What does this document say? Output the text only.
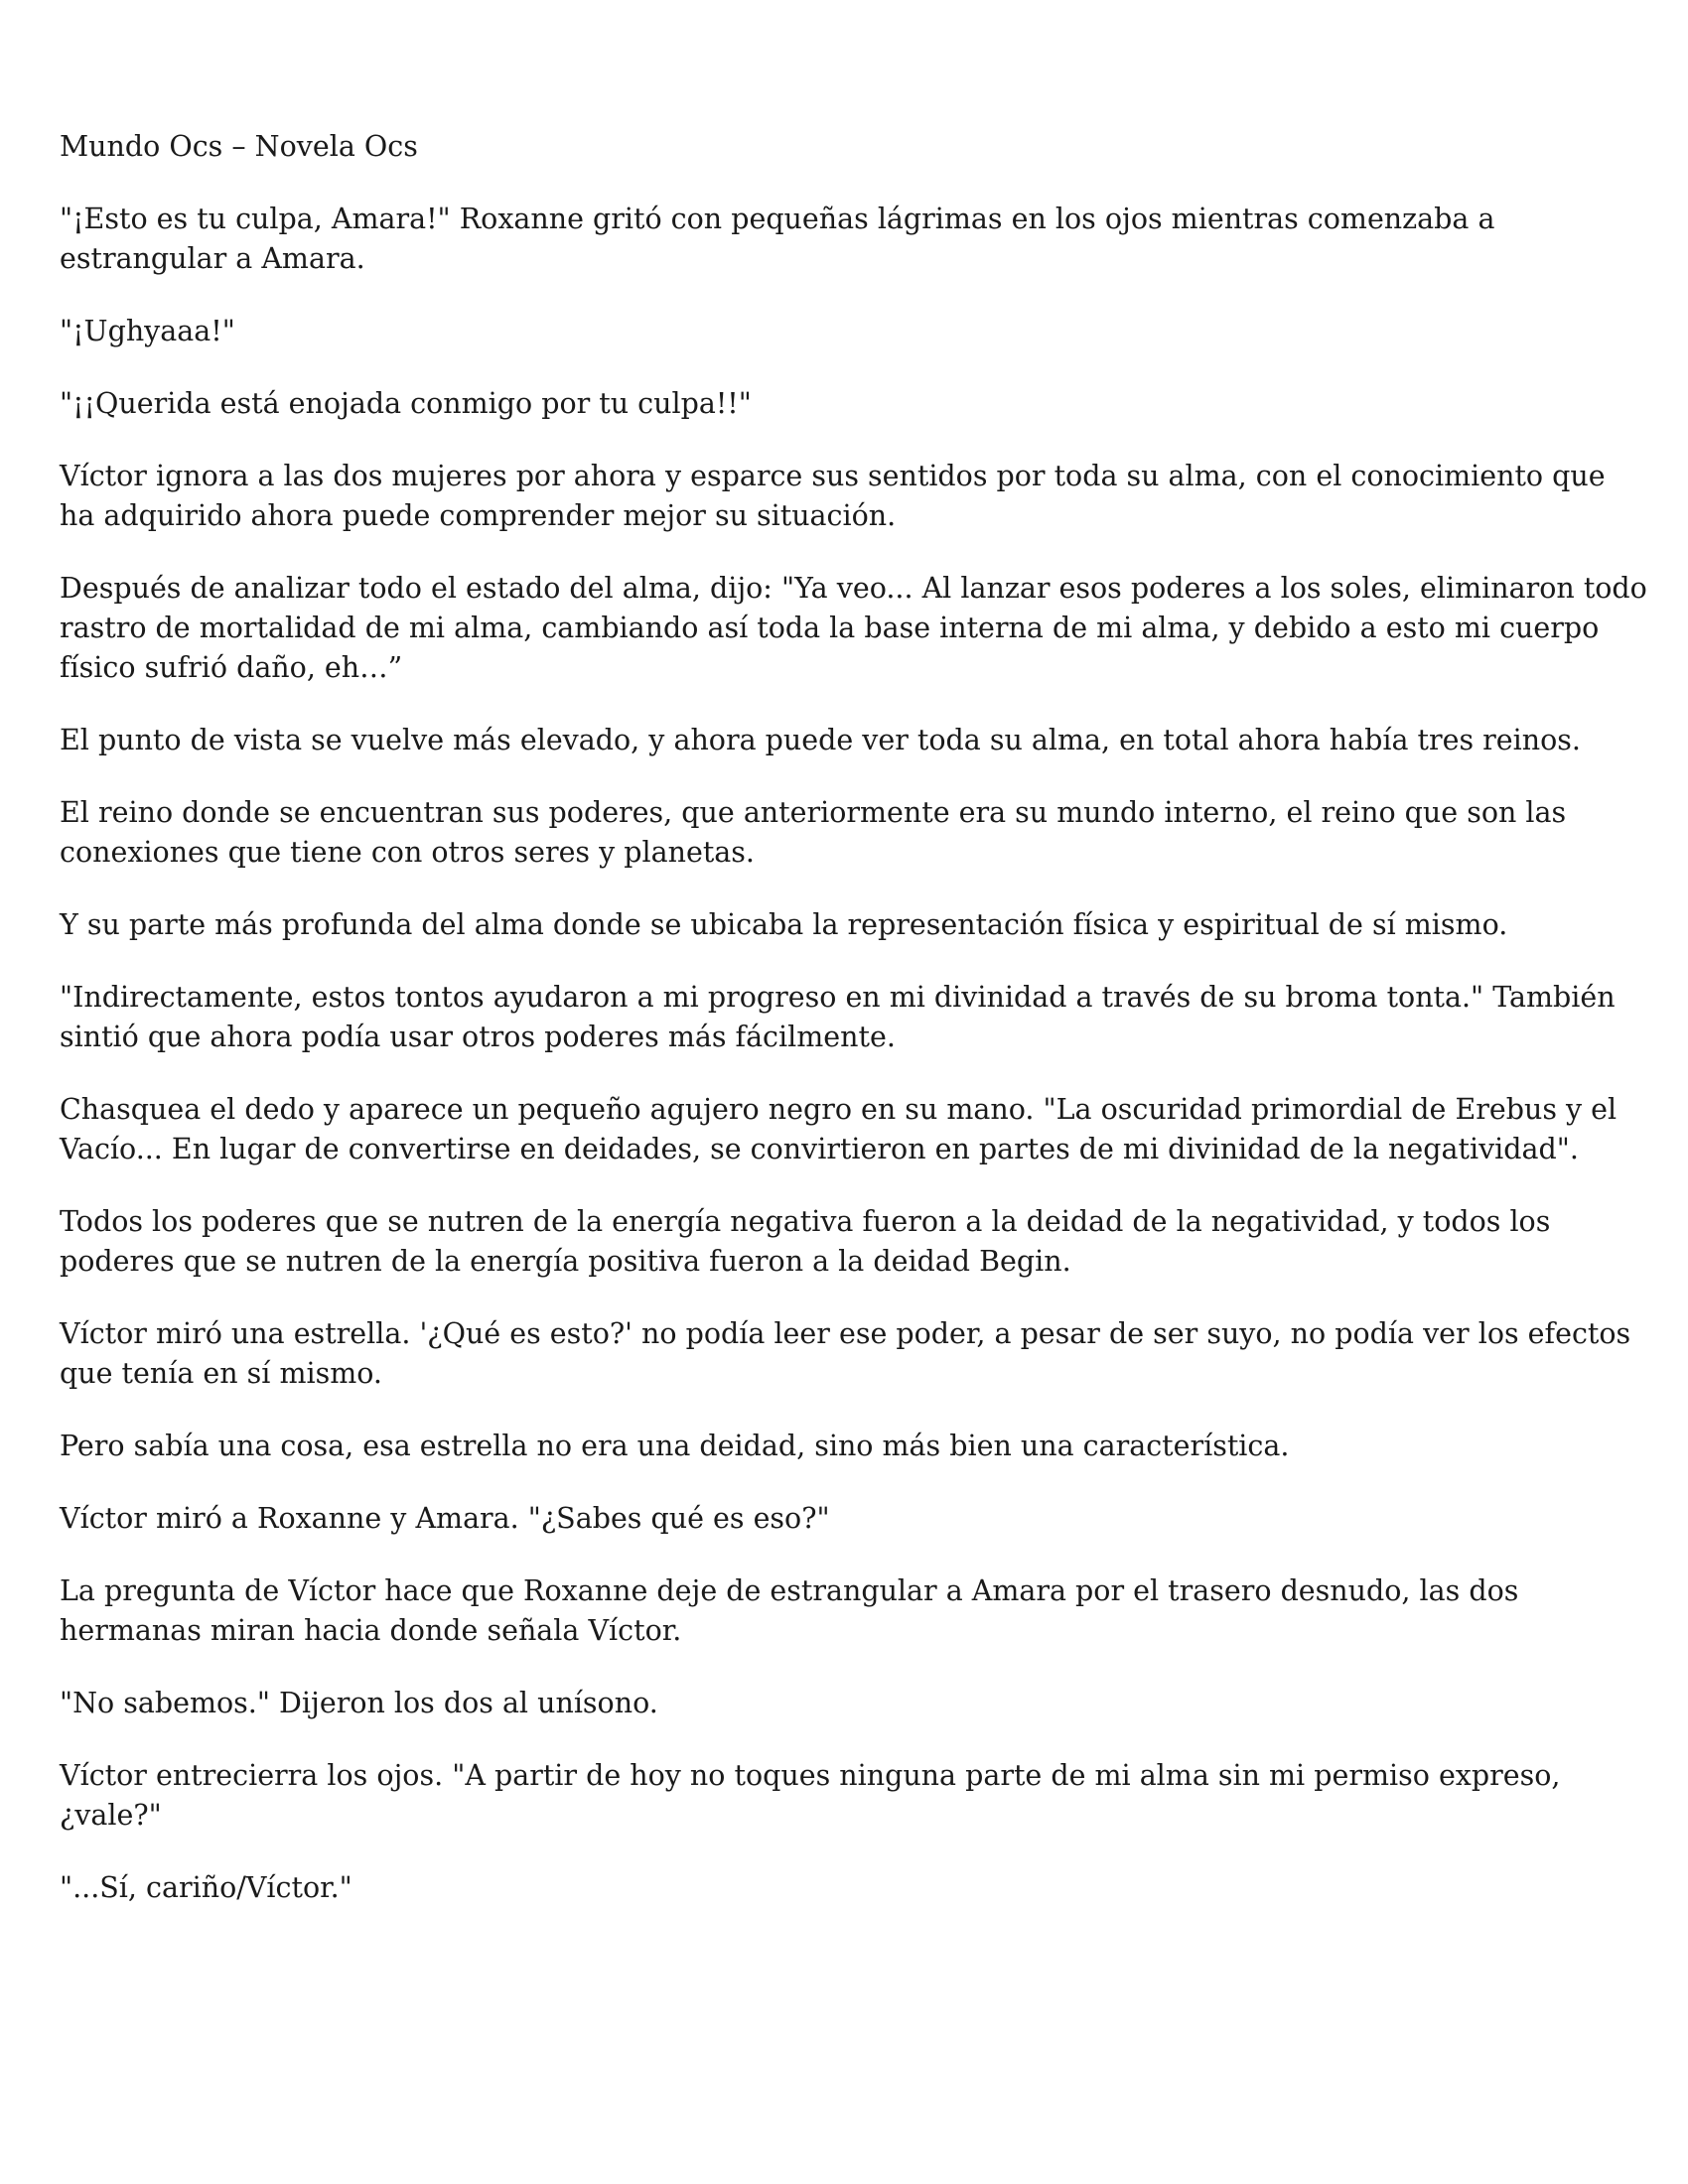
Mundo Ocs – Novela Ocs

"¡Esto es tu culpa, Amara!" Roxanne gritó con pequeñas lágrimas en los ojos mientras comenzaba a estrangular a Amara.

"¡Ughyaaa!"

"¡¡Querida está enojada conmigo por tu culpa!!"

Víctor ignora a las dos mujeres por ahora y esparce sus sentidos por toda su alma, con el conocimiento que ha adquirido ahora puede comprender mejor su situación.

Después de analizar todo el estado del alma, dijo: "Ya veo... Al lanzar esos poderes a los soles, eliminaron todo rastro de mortalidad de mi alma, cambiando así toda la base interna de mi alma, y debido a esto mi cuerpo físico sufrió daño, eh…”

El punto de vista se vuelve más elevado, y ahora puede ver toda su alma, en total ahora había tres reinos.

El reino donde se encuentran sus poderes, que anteriormente era su mundo interno, el reino que son las conexiones que tiene con otros seres y planetas.

Y su parte más profunda del alma donde se ubicaba la representación física y espiritual de sí mismo.

"Indirectamente, estos tontos ayudaron a mi progreso en mi divinidad a través de su broma tonta." También sintió que ahora podía usar otros poderes más fácilmente.

Chasquea el dedo y aparece un pequeño agujero negro en su mano. "La oscuridad primordial de Erebus y el Vacío... En lugar de convertirse en deidades, se convirtieron en partes de mi divinidad de la negatividad".

Todos los poderes que se nutren de la energía negativa fueron a la deidad de la negatividad, y todos los poderes que se nutren de la energía positiva fueron a la deidad Begin.

Víctor miró una estrella. '¿Qué es esto?' no podía leer ese poder, a pesar de ser suyo, no podía ver los efectos que tenía en sí mismo.

Pero sabía una cosa, esa estrella no era una deidad, sino más bien una característica.

Víctor miró a Roxanne y Amara. "¿Sabes qué es eso?"

La pregunta de Víctor hace que Roxanne deje de estrangular a Amara por el trasero desnudo, las dos hermanas miran hacia donde señala Víctor.

"No sabemos." Dijeron los dos al unísono.

Víctor entrecierra los ojos. "A partir de hoy no toques ninguna parte de mi alma sin mi permiso expreso, ¿vale?"

"...Sí, cariño/Víctor."
